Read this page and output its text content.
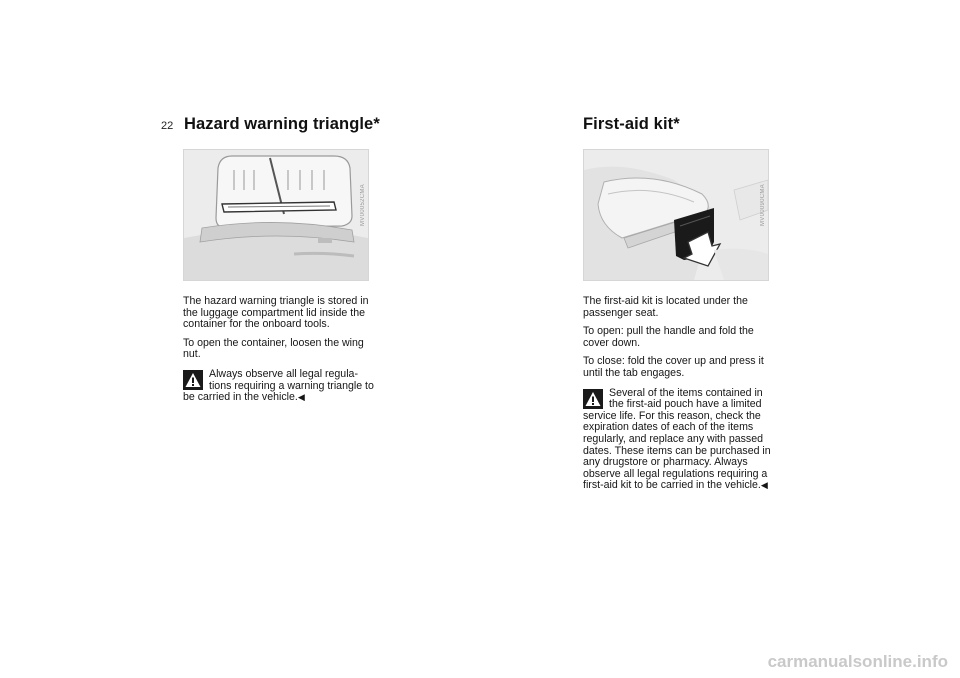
22 Hazard warning triangle*	First-aid kit*
MV00052CMA	MV00090CMA

The hazard warning triangle is stored in the luggage compartment lid inside the container for the onboard tools.

To open the container, loosen the wing nut.

Always observe all legal regula-tions requiring a warning triangle to be carried in the vehicle.◀

The first-aid kit is located under the passenger seat.

To open: pull the handle and fold the cover down.

To close: fold the cover up and press it until the tab engages.

Several of the items contained in the first-aid pouch have a limited service life. For this reason, check the expiration dates of each of the items regularly, and replace any with passed dates. These items can be purchased in any drugstore or pharmacy. Always observe all legal regulations requiring a first-aid kit to be carried in the vehicle.◀
carmanualsonline.info
